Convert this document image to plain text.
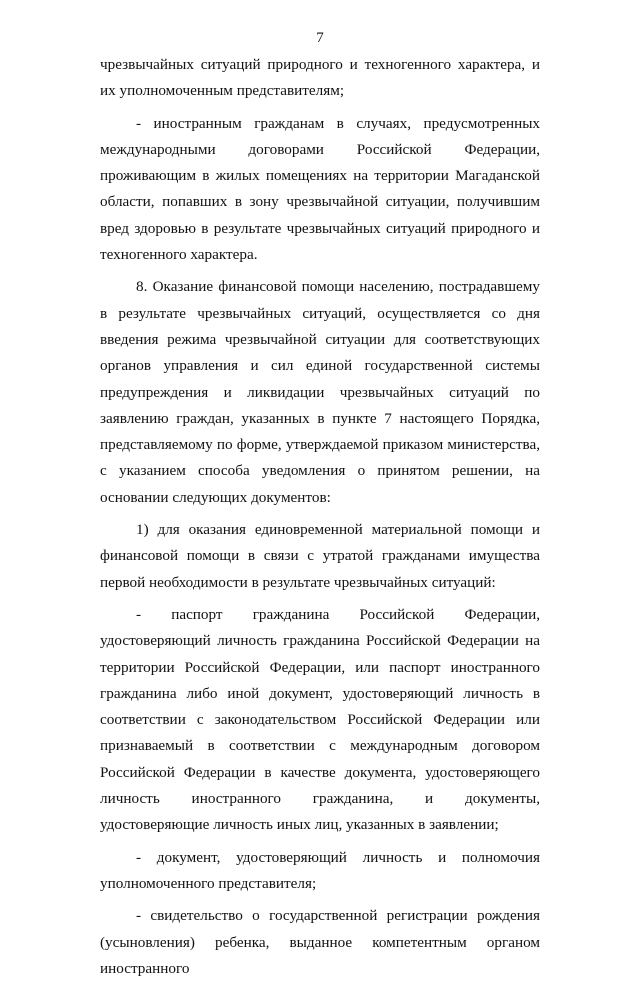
7

чрезвычайных ситуаций природного и техногенного характера, и их уполномоченным представителям;

- иностранным гражданам в случаях, предусмотренных международными договорами Российской Федерации, проживающим в жилых помещениях на территории Магаданской области, попавших в зону чрезвычайной ситуации, получившим вред здоровью в результате чрезвычайных ситуаций природного и техногенного характера.

8. Оказание финансовой помощи населению, пострадавшему в результате чрезвычайных ситуаций, осуществляется со дня введения режима чрезвычайной ситуации для соответствующих органов управления и сил единой государственной системы предупреждения и ликвидации чрезвычайных ситуаций по заявлению граждан, указанных в пункте 7 настоящего Порядка, представляемому по форме, утверждаемой приказом министерства, с указанием способа уведомления о принятом решении, на основании следующих документов:

1) для оказания единовременной материальной помощи и финансовой помощи в связи с утратой гражданами имущества первой необходимости в результате чрезвычайных ситуаций:

- паспорт гражданина Российской Федерации, удостоверяющий личность гражданина Российской Федерации на территории Российской Федерации, или паспорт иностранного гражданина либо иной документ, удостоверяющий личность в соответствии с законодательством Российской Федерации или признаваемый в соответствии с международным договором Российской Федерации в качестве документа, удостоверяющего личность иностранного гражданина, и документы, удостоверяющие личность иных лиц, указанных в заявлении;

- документ, удостоверяющий личность и полномочия уполномоченного представителя;

- свидетельство о государственной регистрации рождения (усыновления) ребенка, выданное компетентным органом иностранного
